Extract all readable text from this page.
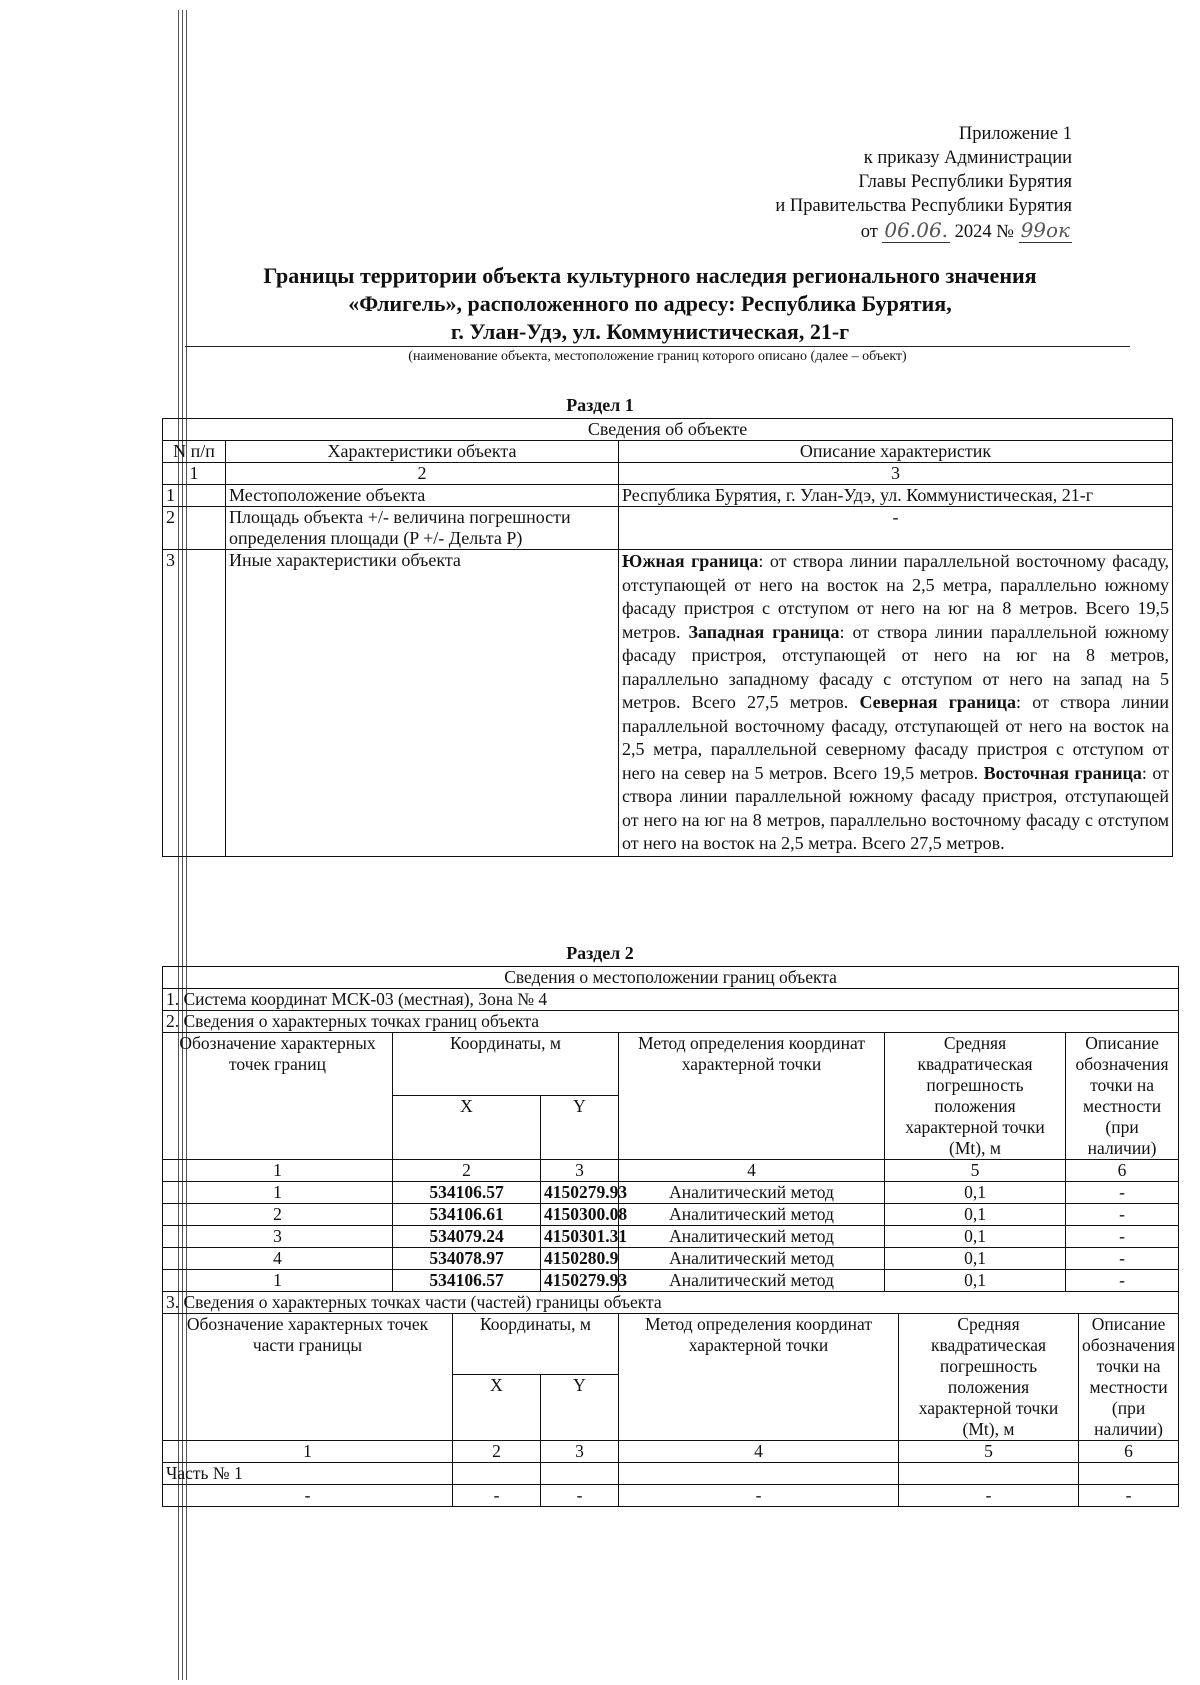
Приложение 1
к приказу Администрации
Главы Республики Бурятия
и Правительства Республики Бурятия
от 06.06. 2024 № 99ок
Границы территории объекта культурного наследия регионального значения
«Флигель», расположенного по адресу: Республика Бурятия,
г. Улан-Удэ, ул. Коммунистическая, 21-г
(наименование объекта, местоположение границ которого описано (далее – объект)
Раздел 1
Сведения об объекте		
N п/п	Характеристики объекта	Описание характеристик
1	2	3
1	Местоположение объекта	Республика Бурятия, г. Улан-Удэ, ул. Коммунистическая, 21-г
2	Площадь объекта +/- величина погрешности определения площади (P +/- Дельта P)	-
3	Иные характеристики объекта	Южная граница: от створа линии параллельной восточному фасаду, отступающей от него на восток на 2,5 метра, параллельно южному фасаду пристроя с отступом от него на юг на 8 метров. Всего 19,5 метров. Западная граница: от створа линии параллельной южному фасаду пристроя, отступающей от него на юг на 8 метров, параллельно западному фасаду с отступом от него на запад на 5 метров. Всего 27,5 метров. Северная граница: от створа линии параллельной восточному фасаду, отступающей от него на восток на 2,5 метра, параллельной северному фасаду пристроя с отступом от него на север на 5 метров. Всего 19,5 метров. Восточная граница: от створа линии параллельной южному фасаду пристроя, отступающей от него на юг на 8 метров, параллельно восточному фасаду с отступом от него на восток на 2,5 метра. Всего 27,5 метров.
Раздел 2
Сведения о местоположении границ объекта								
1. Система координат МСК-03 (местная), Зона № 4								
2. Сведения о характерных точках границ объекта								
Обозначение характерных точек границ	Координаты, м			Метод определения координат характерной точки	Средняя квадратическая погрешность положения характерной точки (Mt), м		Описание обозначения точки на местности (при наличии)	
	X		Y					
1	2		3	4	5		6	
1	534106.57		4150279.93	Аналитический метод	0,1		-	
2	534106.61		4150300.08	Аналитический метод	0,1		-	
3	534079.24		4150301.31	Аналитический метод	0,1		-	
4	534078.97		4150280.9	Аналитический метод	0,1		-	
1	534106.57		4150279.93	Аналитический метод	0,1		-	
3. Сведения о характерных точках части (частей) границы объекта								
Обозначение характерных точек части границы		Координаты, м		Метод определения координат характерной точки		Средняя квадратическая погрешность положения характерной точки (Mt), м		Описание обозначения точки на местности (при наличии)
		X	Y					
1		2	3	4		5		6
Часть № 1								
-		-	-	-		-		-
